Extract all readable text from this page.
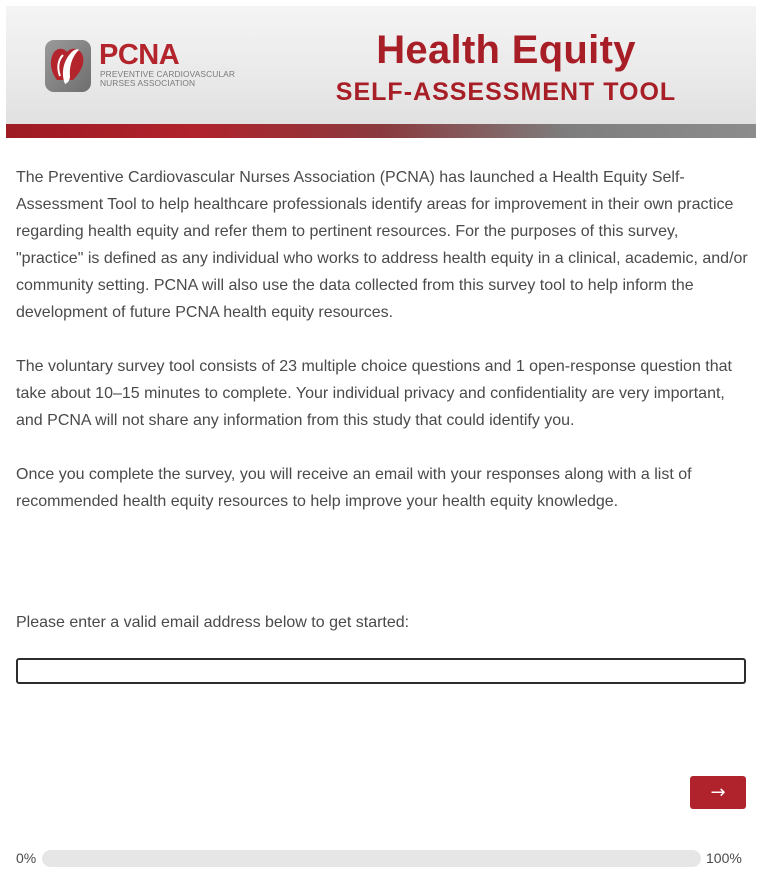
PCNA
PREVENTIVE CARDIOVASCULAR
NURSES ASSOCIATION
Health Equity
SELF-ASSESSMENT TOOL

The Preventive Cardiovascular Nurses Association (PCNA) has launched a Health Equity Self-Assessment Tool to help healthcare professionals identify areas for improvement in their own practice regarding health equity and refer them to pertinent resources. For the purposes of this survey, "practice" is defined as any individual who works to address health equity in a clinical, academic, and/or community setting. PCNA will also use the data collected from this survey tool to help inform the development of future PCNA health equity resources.

The voluntary survey tool consists of 23 multiple choice questions and 1 open-response question that take about 10–15 minutes to complete. Your individual privacy and confidentiality are very important, and PCNA will not share any information from this study that could identify you.

Once you complete the survey, you will receive an email with your responses along with a list of recommended health equity resources to help improve your health equity knowledge.

Please enter a valid email address below to get started:
→
0%	100%
